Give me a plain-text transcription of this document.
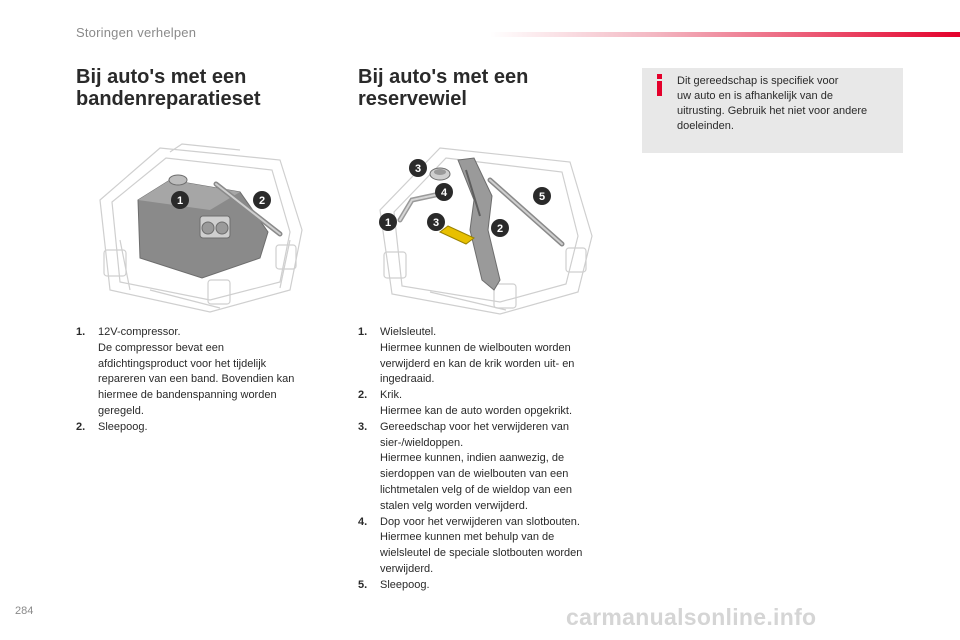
Storingen verhelpen
Bij auto's met een
bandenreparatieset
Bij auto's met een
reservewiel
Dit gereedschap is specifiek voor
uw auto en is afhankelijk van de
uitrusting. Gebruik het niet voor andere
doeleinden.
1	2
3
4
1	3	2
5
1. 12V-compressor.
De compressor bevat een
afdichtingsproduct voor het tijdelijk
repareren van een band. Bovendien kan
hiermee de bandenspanning worden
geregeld.
2. Sleepoog.
1. Wielsleutel.
Hiermee kunnen de wielbouten worden
verwijderd en kan de krik worden uit- en
ingedraaid.
2. Krik.
Hiermee kan de auto worden opgekrikt.
3. Gereedschap voor het verwijderen van
sier-/wieldoppen.
Hiermee kunnen, indien aanwezig, de
sierdoppen van de wielbouten van een
lichtmetalen velg of de wieldop van een
stalen velg worden verwijderd.
4. Dop voor het verwijderen van slotbouten.
Hiermee kunnen met behulp van de
wielsleutel de speciale slotbouten worden
verwijderd.
5. Sleepoog.
284	carmanualsonline.info
